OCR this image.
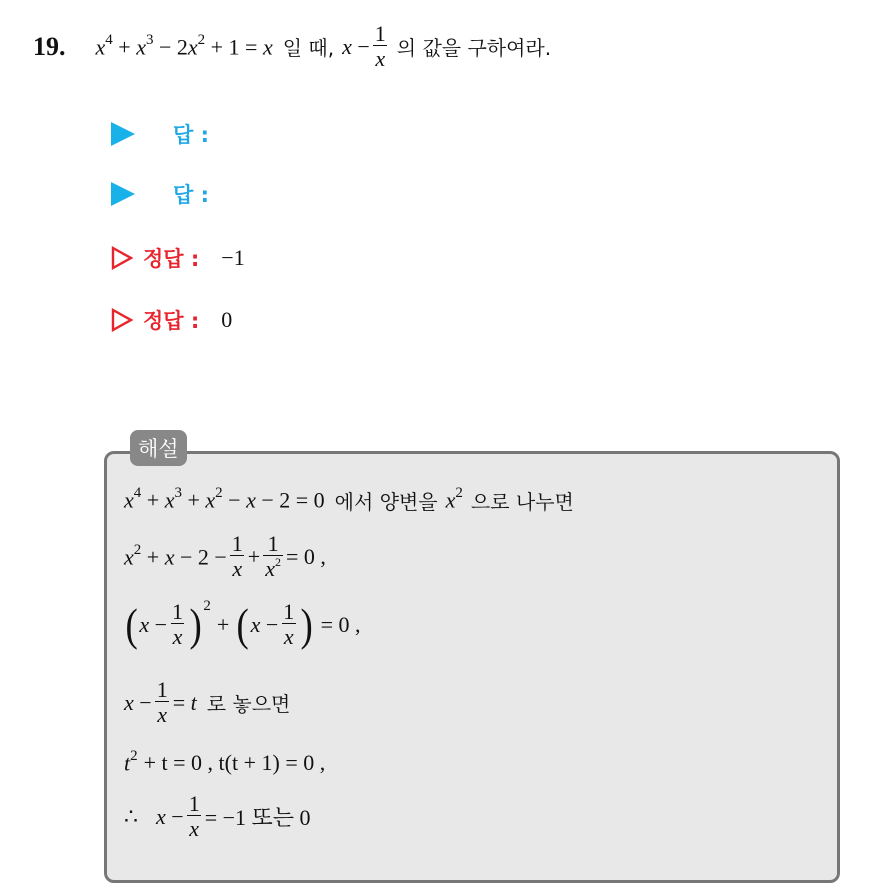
19. $x^4 + x^3 - 2x^2 + 1 = x$ 일 때, $x - \frac{1}{x}$ 의 값을 구하여라.
답 :
답 :
정답 : −1
정답 : 0
해설
$x^4 + x^3 + x^2 - x - 2 = 0$ 에서 양변을 $x^2$ 으로 나누면
$x^2 + x - 2 - \frac{1}{x} + \frac{1}{x^2} = 0$ ,
( $x - \frac{1}{x} )^2$
+ ( $x - \frac{1}{x}$ ) = 0 ,
$x - \frac{1}{x} = t$ 로 놓으면
$t^2 + t = 0$ , t(t + 1) = 0 ,
∴ $x - \frac{1}{x} = -1$ 또는 0
